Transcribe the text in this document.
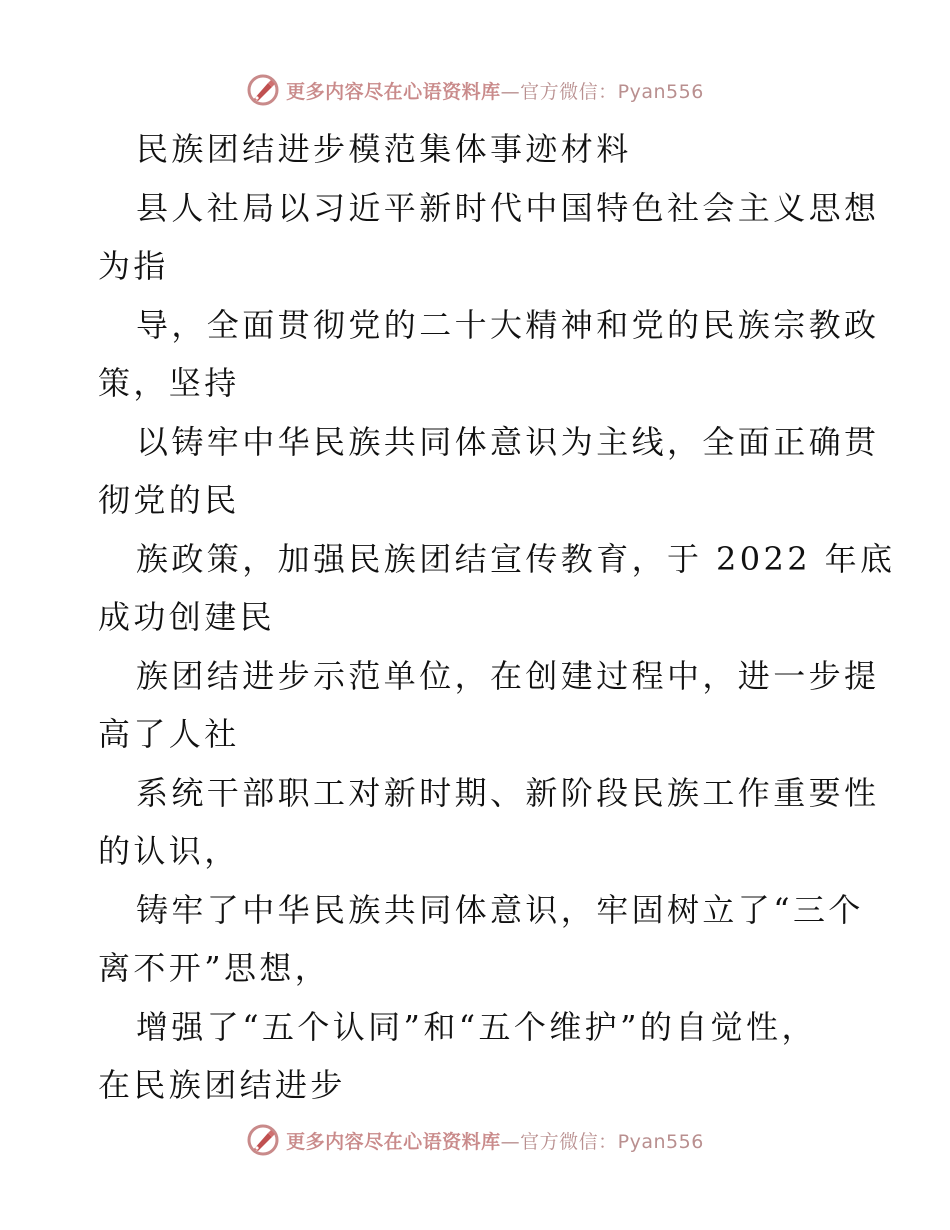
更多内容尽在心语资料库—官方微信：Pyan556
民族团结进步模范集体事迹材料
县人社局以习近平新时代中国特色社会主义思想
为指
导，全面贯彻党的二十大精神和党的民族宗教政
策，坚持
以铸牢中华民族共同体意识为主线，全面正确贯
彻党的民
族政策，加强民族团结宣传教育，于 2022 年底
成功创建民
族团结进步示范单位，在创建过程中，进一步提
高了人社
系统干部职工对新时期、新阶段民族工作重要性
的认识，
铸牢了中华民族共同体意识，牢固树立了“三个
离不开”思想，
增强了“五个认同”和“五个维护”的自觉性，
在民族团结进步
更多内容尽在心语资料库—官方微信：Pyan556
